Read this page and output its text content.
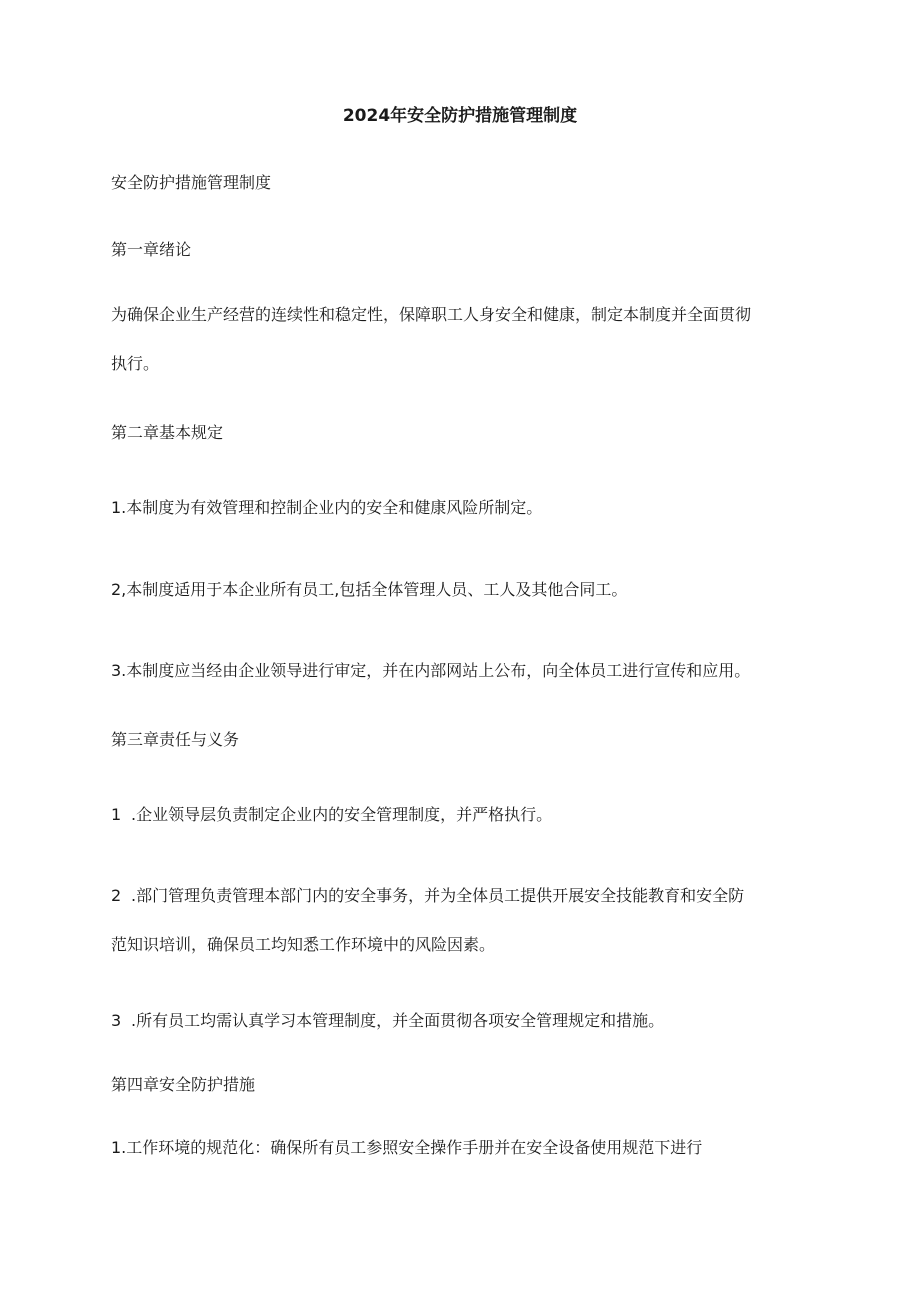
2024年安全防护措施管理制度
安全防护措施管理制度
第一章绪论
为确保企业生产经营的连续性和稳定性，保障职工人身安全和健康，制定本制度并全面贯彻
执行。
第二章基本规定
1.本制度为有效管理和控制企业内的安全和健康风险所制定。
2,本制度适用于本企业所有员工,包括全体管理人员、工人及其他合同工。
3.本制度应当经由企业领导进行审定，并在内部网站上公布，向全体员工进行宣传和应用。
第三章责任与义务
1 .企业领导层负责制定企业内的安全管理制度，并严格执行。
2 .部门管理负责管理本部门内的安全事务，并为全体员工提供开展安全技能教育和安全防
范知识培训，确保员工均知悉工作环境中的风险因素。
3 .所有员工均需认真学习本管理制度，并全面贯彻各项安全管理规定和措施。
第四章安全防护措施
1.工作环境的规范化：确保所有员工参照安全操作手册并在安全设备使用规范下进行
